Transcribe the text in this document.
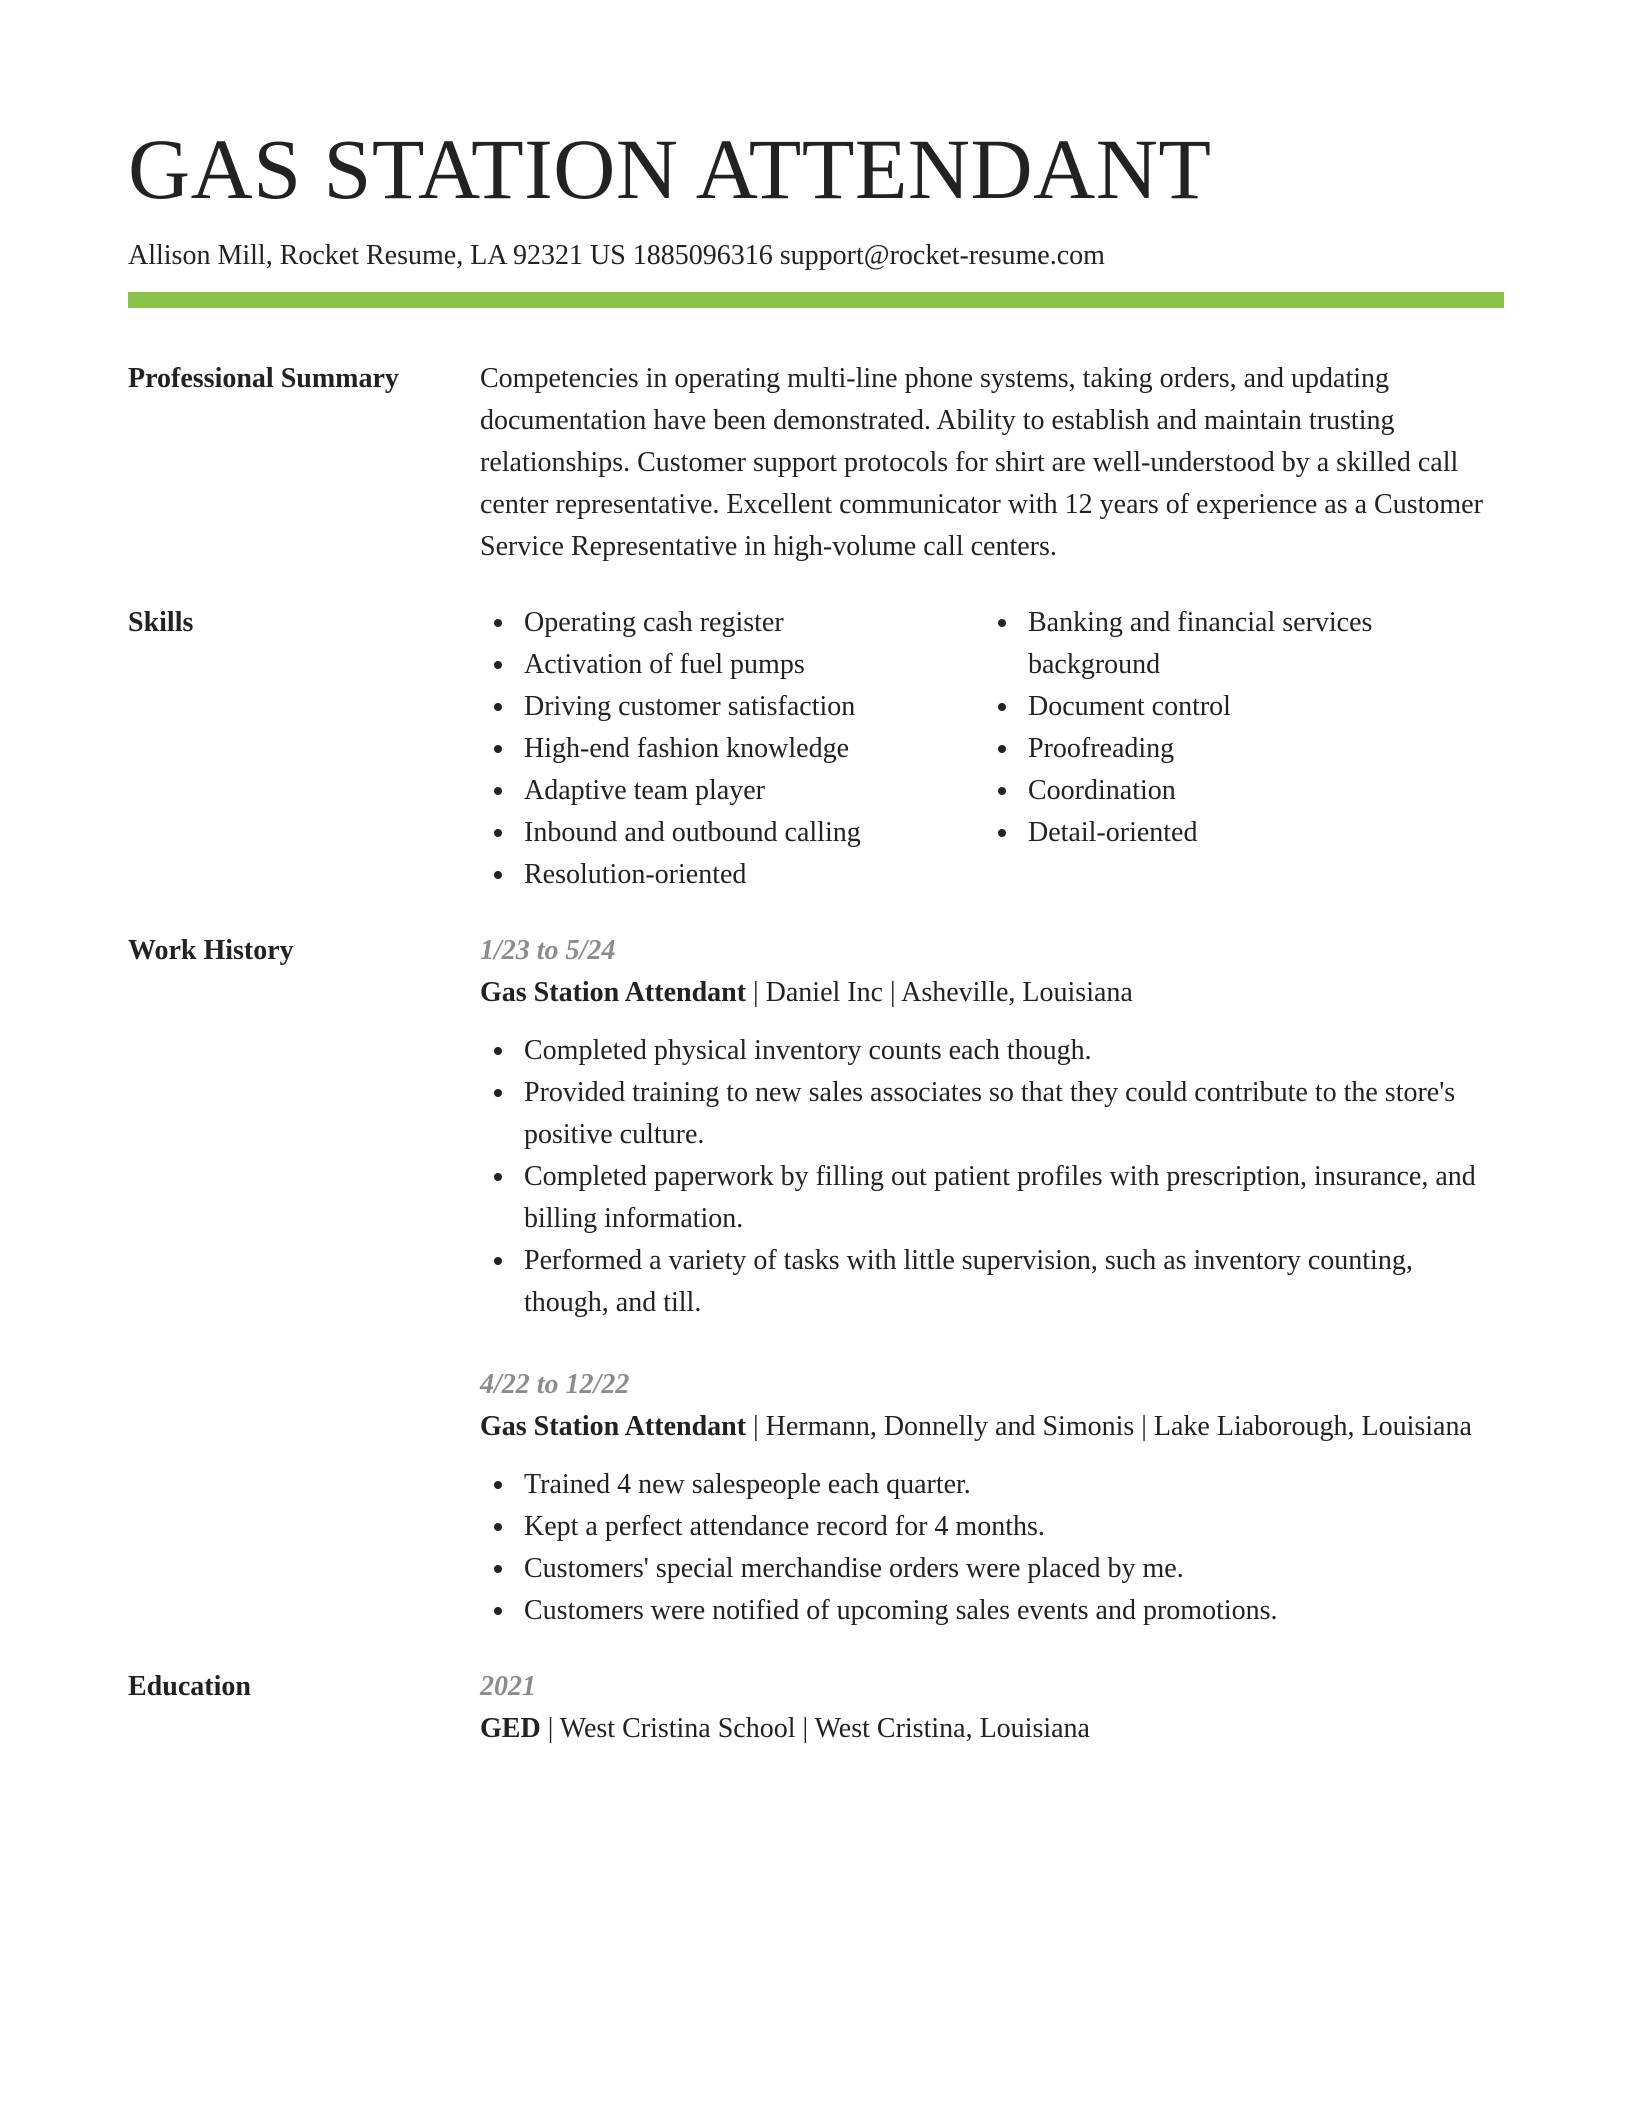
GAS STATION ATTENDANT
Allison Mill, Rocket Resume, LA 92321 US 1885096316 support@rocket-resume.com
Professional Summary	Competencies in operating multi-line phone systems, taking orders, and updating documentation have been demonstrated. Ability to establish and maintain trusting relationships. Customer support protocols for shirt are well-understood by a skilled call center representative. Excellent communicator with 12 years of experience as a Customer Service Representative in high-volume call centers.

Skills	Operating cash register
Activation of fuel pumps
Driving customer satisfaction
High-end fashion knowledge
Adaptive team player
Inbound and outbound calling
Resolution-oriented
Banking and financial services background
Document control
Proofreading
Coordination
Detail-oriented
Work History	1/23 to 5/24
Gas Station Attendant | Daniel Inc | Asheville, Louisiana
Completed physical inventory counts each though.
Provided training to new sales associates so that they could contribute to the store's positive culture.
Completed paperwork by filling out patient profiles with prescription, insurance, and billing information.
Performed a variety of tasks with little supervision, such as inventory counting, though, and till.
4/22 to 12/22
Gas Station Attendant | Hermann, Donnelly and Simonis | Lake Liaborough, Louisiana
Trained 4 new salespeople each quarter.
Kept a perfect attendance record for 4 months.
Customers' special merchandise orders were placed by me.
Customers were notified of upcoming sales events and promotions.
Education	2021
GED | West Cristina School | West Cristina, Louisiana
